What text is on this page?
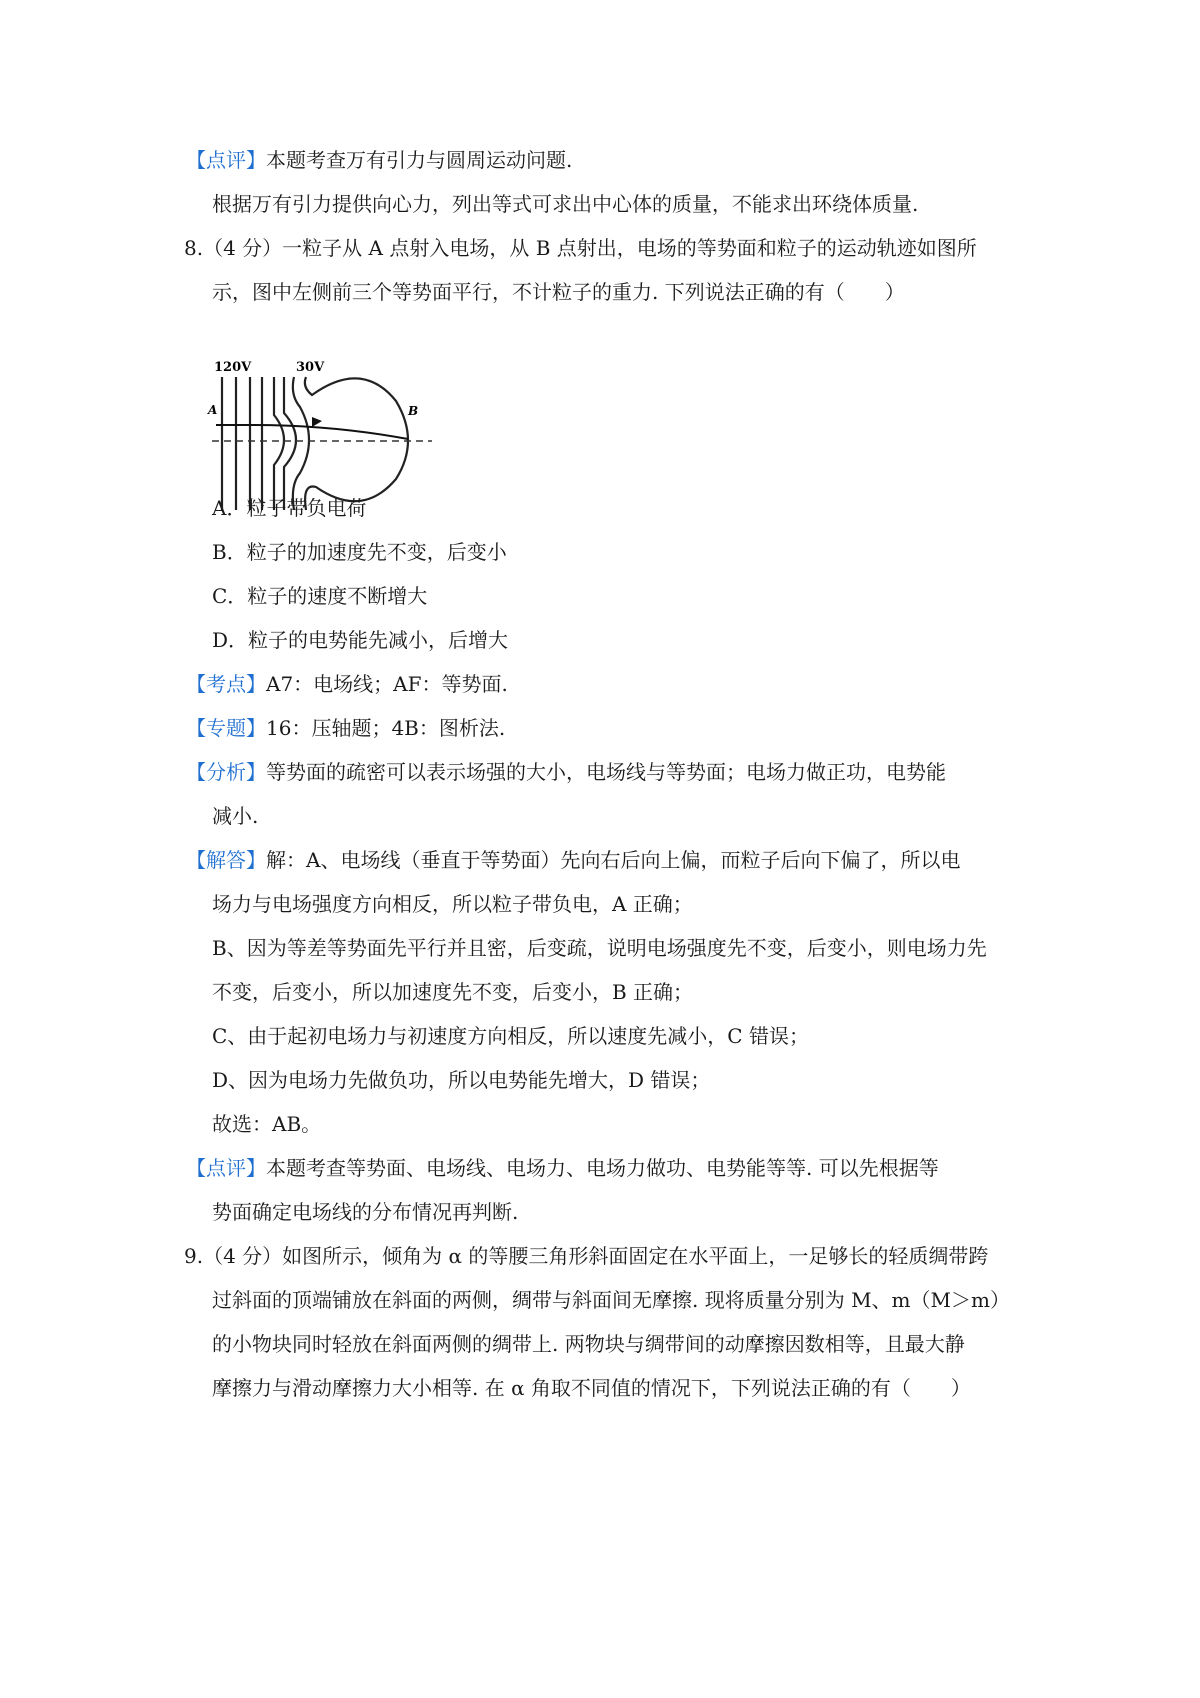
【点评】本题考查万有引力与圆周运动问题.
根据万有引力提供向心力，列出等式可求出中心体的质量，不能求出环绕体质量.
8.（4 分）一粒子从 A 点射入电场，从 B 点射出，电场的等势面和粒子的运动轨迹如图所
示，图中左侧前三个等势面平行，不计粒子的重力. 下列说法正确的有（　　）
120V	30V
A	B
A．粒子带负电荷
B．粒子的加速度先不变，后变小
C．粒子的速度不断增大
D．粒子的电势能先减小，后增大
【考点】A7：电场线；AF：等势面.
【专题】16：压轴题；4B：图析法.
【分析】等势面的疏密可以表示场强的大小，电场线与等势面；电场力做正功，电势能
减小.
【解答】解：A、电场线（垂直于等势面）先向右后向上偏，而粒子后向下偏了，所以电
场力与电场强度方向相反，所以粒子带负电，A 正确；
B、因为等差等势面先平行并且密，后变疏，说明电场强度先不变，后变小，则电场力先
不变，后变小，所以加速度先不变，后变小，B 正确；
C、由于起初电场力与初速度方向相反，所以速度先减小，C 错误；
D、因为电场力先做负功，所以电势能先增大，D 错误；
故选：AB。
【点评】本题考查等势面、电场线、电场力、电场力做功、电势能等等. 可以先根据等
势面确定电场线的分布情况再判断.
9.（4 分）如图所示，倾角为 α 的等腰三角形斜面固定在水平面上，一足够长的轻质绸带跨
过斜面的顶端铺放在斜面的两侧，绸带与斜面间无摩擦. 现将质量分别为 M、m（M＞m）
的小物块同时轻放在斜面两侧的绸带上. 两物块与绸带间的动摩擦因数相等，且最大静
摩擦力与滑动摩擦力大小相等. 在 α 角取不同值的情况下，下列说法正确的有（　　）
